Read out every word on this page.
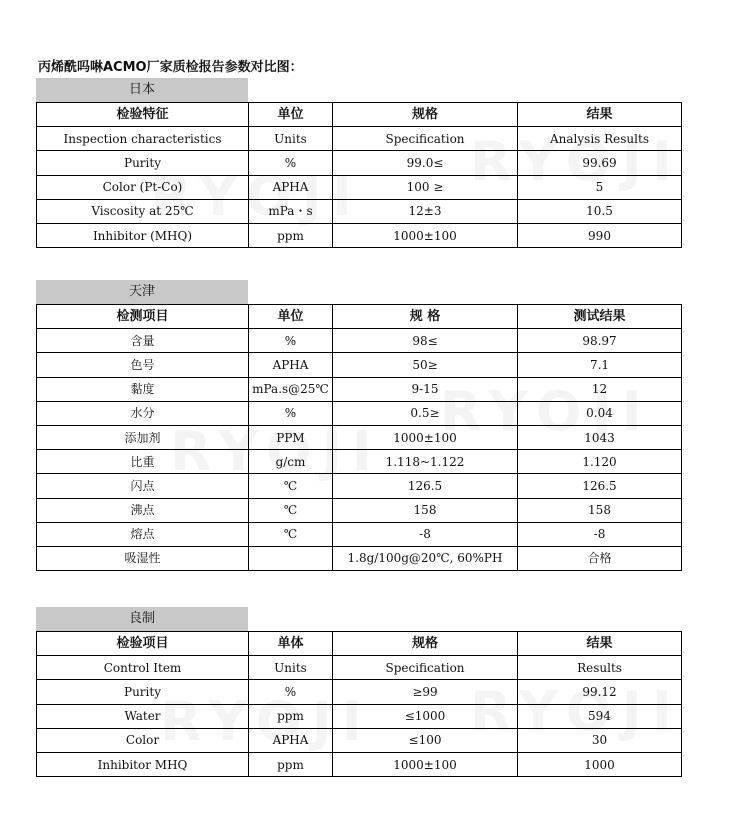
丙烯酰吗啉ACMO厂家质检报告参数对比图：
日本
检验特征	单位	规格	结果
Inspection characteristics	Units	Specification	Analysis Results
Purity	%	99.0≤	99.69
Color (Pt-Co)	APHA	100 ≥	5
Viscosity at 25℃	mPa・s	12±3	10.5
Inhibitor (MHQ)	ppm	1000±100	990
天津
检测项目	单位	规 格	测试结果
含量	%	98≤	98.97
色号	APHA	50≥	7.1
黏度	mPa.s@25℃	9-15	12
水分	%	0.5≥	0.04
添加剂	PPM	1000±100	1043
比重	g/cm	1.118~1.122	1.120
闪点	℃	126.5	126.5
沸点	℃	158	158
熔点	℃	-8	-8
吸湿性		1.8g/100g@20℃, 60%PH	合格
良制
检验项目	单体	规格	结果
Control Item	Units	Specification	Results
Purity	%	≥99	99.12
Water	ppm	≤1000	594
Color	APHA	≤100	30
Inhibitor MHQ	ppm	1000±100	1000
